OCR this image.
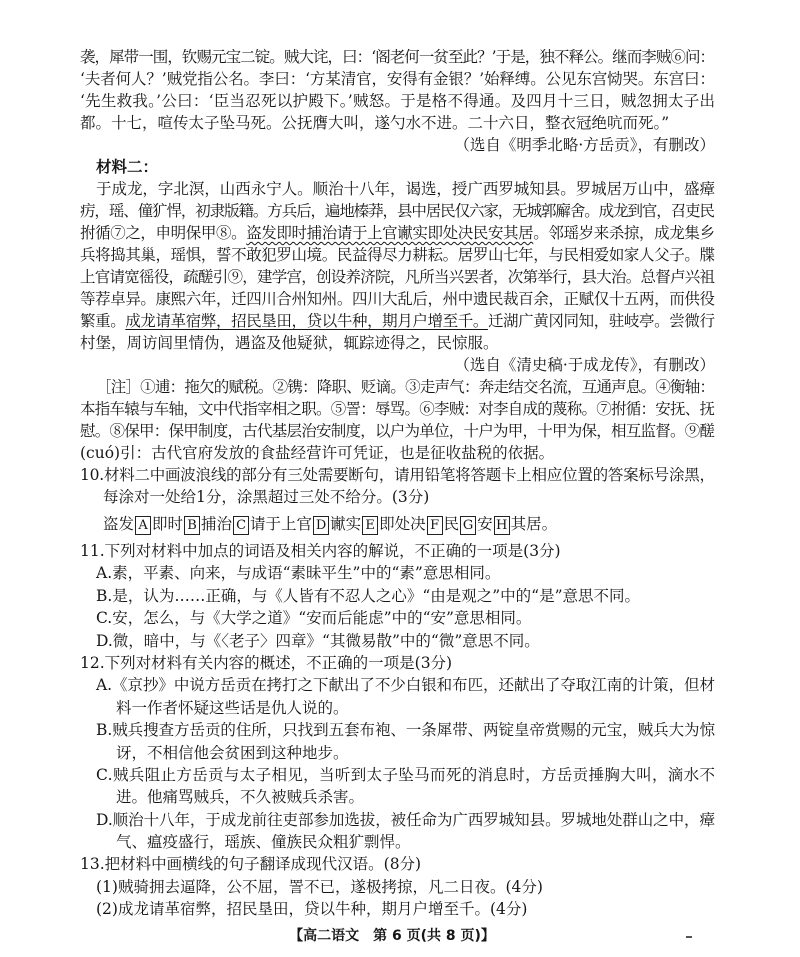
袭，犀带一围，钦赐元宝二锭。贼大诧，曰：‘阁老何一贫至此？’于是，独不释公。继而李贼⑥问：
‘夫者何人？’贼党指公名。李曰：‘方某清官，安得有金银？’始释缚。公见东宫恸哭。东宫曰：
‘先生救我。’公曰：‘臣当忍死以护殿下。’贼怒。于是格不得通。及四月十三日，贼忽拥太子出
都。十七，喧传太子坠马死。公抚膺大叫，遂勺水不进。二十六日，整衣冠绝吭而死。”
（选自《明季北略·方岳贡》，有删改）
材料二：
于成龙，字北溟，山西永宁人。顺治十八年，谒选，授广西罗城知县。罗城居万山中，盛瘴
疠，瑶、僮犷悍，初隶版籍。方兵后，遍地榛莽，县中居民仅六家，无城郭廨舍。成龙到官，召吏民
拊循⑦之，申明保甲⑧。盗发即时捕治请于上官谳实即处决民安其居。邻瑶岁来杀掠，成龙集乡
兵将捣其巢，瑶惧，誓不敢犯罗山境。民益得尽力耕耘。居罗山七年，与民相爱如家人父子。牒
上官请宽徭役，疏醝引⑨，建学宫，创设养济院，凡所当兴罢者，次第举行，县大治。总督卢兴祖
等荐卓异。康熙六年，迁四川合州知州。四川大乱后，州中遗民裁百余，正赋仅十五两，而供役
繁重。成龙请革宿弊，招民垦田，贷以牛种，期月户增至千。迁湖广黄冈同知，驻岐亭。尝微行
村堡，周访闾里情伪，遇盗及他疑狱，辄踪迹得之，民惊服。
（选自《清史稿·于成龙传》，有删改）
［注］①逋：拖欠的赋税。②镌：降职、贬谪。③走声气：奔走结交名流，互通声息。④衡轴：
本指车辕与车轴，文中代指宰相之职。⑤詈：辱骂。⑥李贼：对李自成的蔑称。⑦拊循：安抚、抚
慰。⑧保甲：保甲制度，古代基层治安制度，以户为单位，十户为甲，十甲为保，相互监督。⑨醝
(cuó)引：古代官府发放的食盐经营许可凭证，也是征收盐税的依据。
10.材料二中画波浪线的部分有三处需要断句，请用铅笔将答题卡上相应位置的答案标号涂黑，
每涂对一处给1分，涂黑超过三处不给分。(3分)
盗发 A 即时 B 捕治 C 请于上官 D 谳实 E 即处决 F 民 G 安 H 其居。
11.下列对材料中加点的词语及相关内容的解说，不正确的一项是(3分)
A.素，平素、向来，与成语“素昧平生”中的“素”意思相同。
B.是，认为……正确，与《人皆有不忍人之心》“由是观之”中的“是”意思不同。
C.安，怎么，与《大学之道》“安而后能虑”中的“安”意思相同。
D.微，暗中，与《〈老子〉四章》“其微易散”中的“微”意思不同。
12.下列对材料有关内容的概述，不正确的一项是(3分)
A.《京抄》中说方岳贡在拷打之下献出了不少白银和布匹，还献出了夺取江南的计策，但材
料一作者怀疑这些话是仇人说的。
B.贼兵搜查方岳贡的住所，只找到五套布袍、一条犀带、两锭皇帝赏赐的元宝，贼兵大为惊
讶，不相信他会贫困到这种地步。
C.贼兵阻止方岳贡与太子相见，当听到太子坠马而死的消息时，方岳贡捶胸大叫，滴水不
进。他痛骂贼兵，不久被贼兵杀害。
D.顺治十八年，于成龙前往吏部参加选拔，被任命为广西罗城知县。罗城地处群山之中，瘴
气、瘟疫盛行，瑶族、僮族民众粗犷剽悍。
13.把材料中画横线的句子翻译成现代汉语。(8分)
(1)贼骑拥去逼降，公不屈，詈不已，遂极拷掠，凡二日夜。(4分)
(2)成龙请革宿弊，招民垦田，贷以牛种，期月户增至千。(4分)
【高二语文　第 6 页(共 8 页)】
